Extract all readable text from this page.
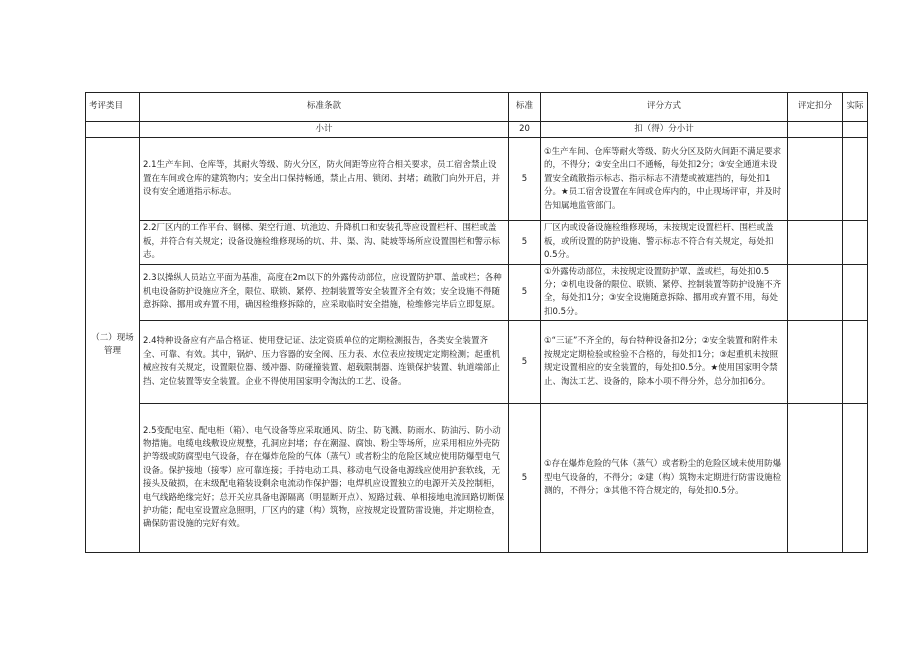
考评类目	标准条款	标准	评分方式	评定扣分	实际
	小计	20	扣（得）分小计		
（二）现场管理	2.1生产车间、仓库等，其耐火等级、防火分区，防火间距等应符合相关要求，员工宿舍禁止设置在车间或仓库的建筑物内；安全出口保持畅通，禁止占用、锁闭、封堵；疏散门向外开启，并设有安全通道指示标志。	5	①生产车间、仓库等耐火等级、防火分区及防火间距不满足要求的，不得分；②安全出口不通畅，每处扣2分；③安全通道未设置安全疏散指示标志、指示标志不清楚或被遮挡的，每处扣1分。★员工宿舍设置在车间或仓库内的，中止现场评审，并及时告知属地监管部门。		
	2.2厂区内的工作平台、钢梯、架空行道、坑池边、升降机口和安装孔等应设置栏杆、围栏或盖板，并符合有关规定；设备设施检维修现场的坑、井、渠、沟、陡坡等场所应设置围栏和警示标志。	5	厂区内或设备设施检维修现场，未按规定设置栏杆、围栏或盖板，或所设置的防护设施、警示标志不符合有关规定，每处扣0.5分。		
	2.3以操纵人员站立平面为基准，高度在2m以下的外露传动部位，应设置防护罩、盖或栏；各种机电设备防护设施应齐全，限位、联锁、紧停、控制装置等安全装置齐全有效；安全设施不得随意拆除、挪用或弃置不用，确因检维修拆除的，应采取临时安全措施，检维修完毕后立即复原。	5	①外露传动部位，未按规定设置防护罩、盖或栏，每处扣0.5分；②机电设备的限位、联锁、紧停、控制装置等防护设施不齐全，每处扣1分；③安全设施随意拆除、挪用或弃置不用，每处扣0.5分。		
	2.4特种设备应有产品合格证、使用登记证、法定资质单位的定期检测报告，各类安全装置齐全、可靠、有效。其中，锅炉、压力容器的安全阀、压力表、水位表应按规定定期检测；起重机械应按有关规定，设置限位器、缓冲器、防碰撞装置、超载限制器、连锁保护装置、轨道端部止挡、定位装置等安全装置。企业不得使用国家明令淘汰的工艺、设备。	5	①“三证”不齐全的，每台特种设备扣2分；②安全装置和附件未按规定定期检验或检验不合格的，每处扣1分；③起重机未按照规定设置相应的安全装置的，每处扣0.5分。★使用国家明令禁止、淘汰工艺、设备的，除本小项不得分外，总分加扣6分。		
	2.5变配电室、配电柜（箱）、电气设备等应采取通风、防尘、防飞溅、防雨水、防油污、防小动物措施。电缆电线敷设应规整，孔洞应封堵；存在潮湿、腐蚀、粉尘等场所，应采用相应外壳防护等级或防腐型电气设备，存在爆炸危险的气体（蒸气）或者粉尘的危险区域应使用防爆型电气设备。保护接地（接零）应可靠连接；手持电动工具、移动电气设备电源线应使用护套软线，无接头及破损，在末级配电箱装设剩余电流动作保护器；电焊机应设置独立的电源开关及控制柜，电气线路绝缘完好；总开关应具备电源隔离（明显断开点）、短路过载、单相接地电流回路切断保护功能；配电室设置应急照明，厂区内的建（构）筑物，应按规定设置防雷设施，并定期检查，确保防雷设施的完好有效。	5	①存在爆炸危险的气体（蒸气）或者粉尘的危险区域未使用防爆型电气设备的，不得分；②建（构）筑物未定期进行防雷设施检测的，不得分；③其他不符合规定的，每处扣0.5分。		
